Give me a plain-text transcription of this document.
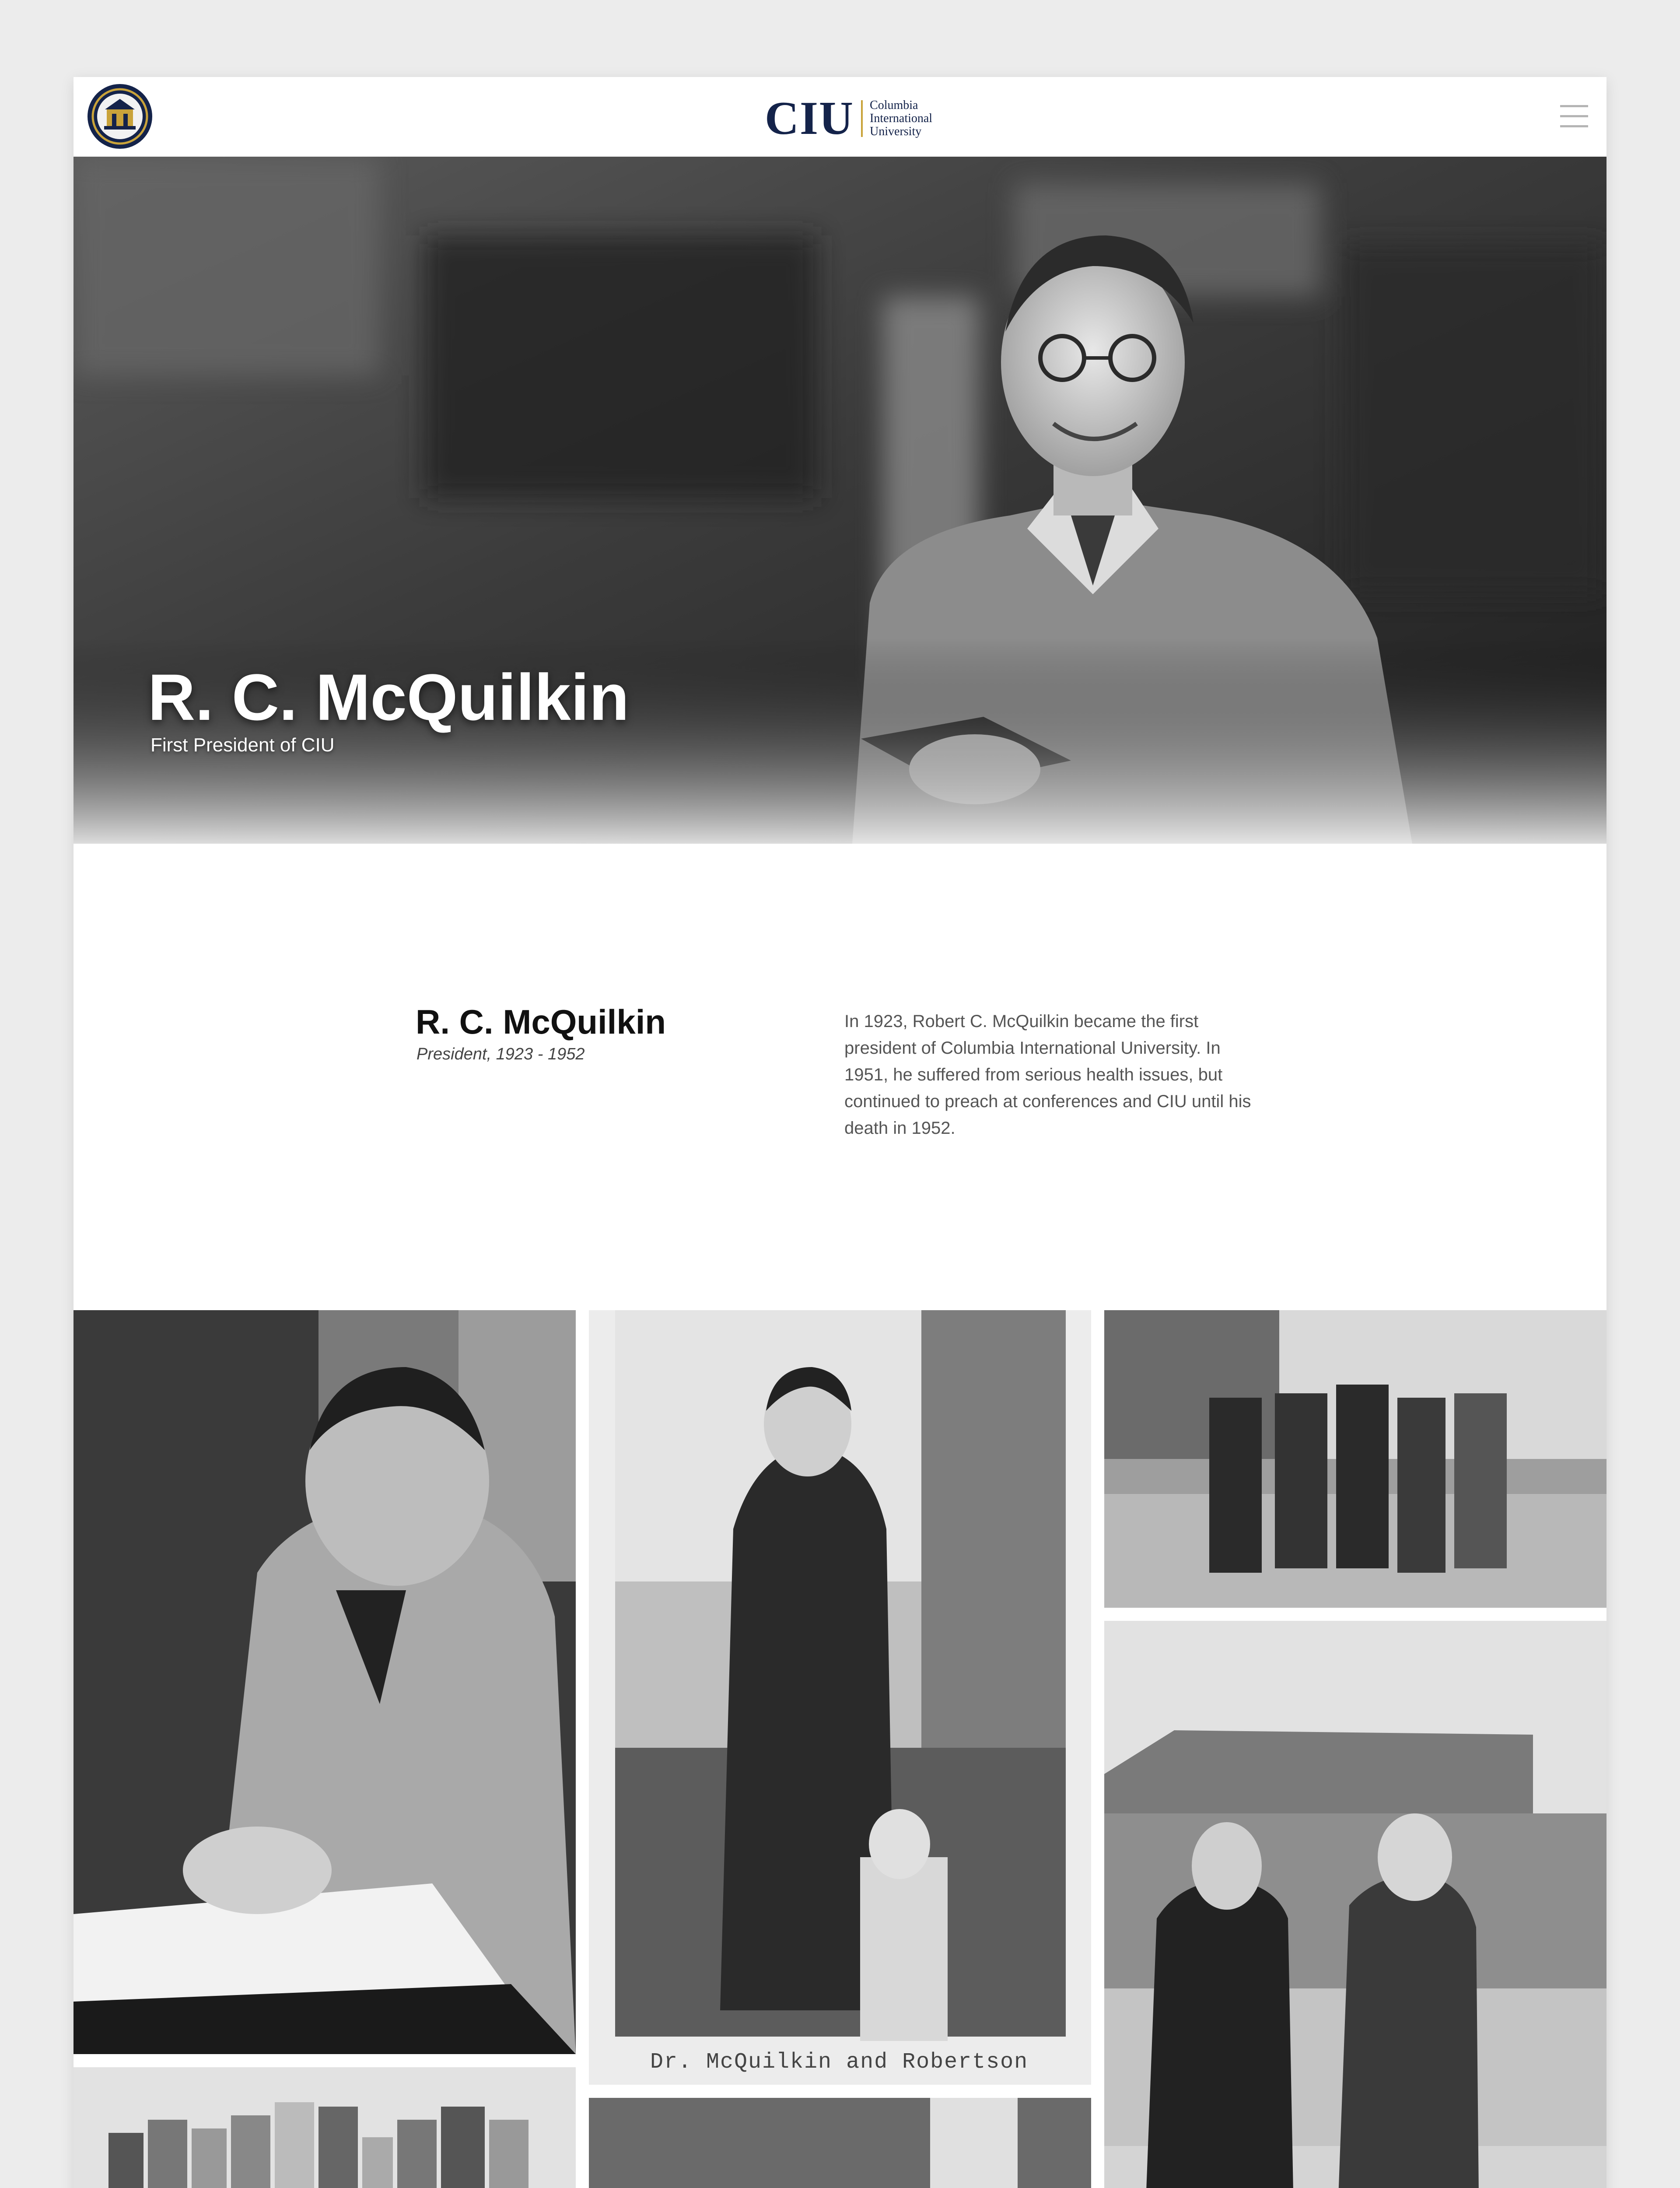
CIU Columbia
International
University
R. C. McQuilkin
First President of CIU
R. C. McQuilkin
President, 1923 - 1952

In 1923, Robert C. McQuilkin became the first president of Columbia International University. In 1951, he suffered from serious health issues, but continued to preach at conferences and CIU until his death in 1952.

Dr. McQuilkin and Robertson
